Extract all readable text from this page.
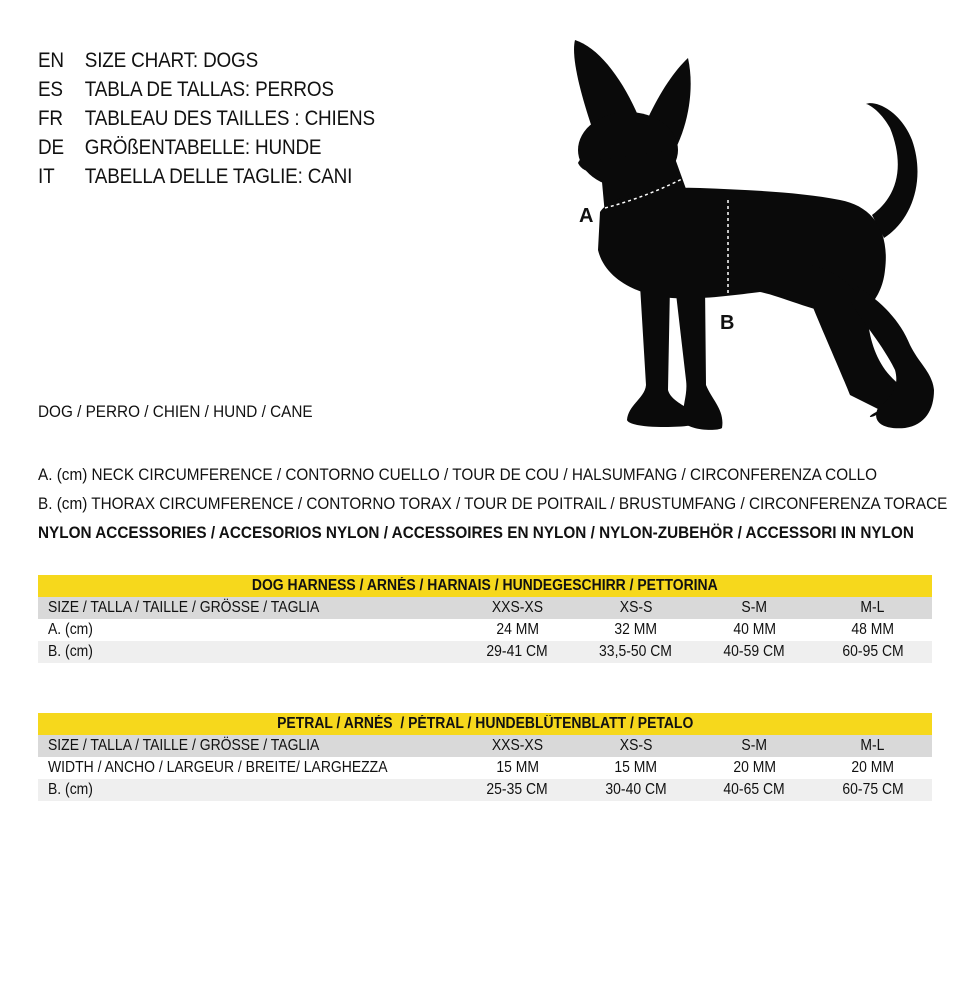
EN SIZE CHART: DOGS
ES	TABLA DE TALLAS: PERROS
FR	TABLEAU DES TAILLES : CHIENS
DE GRÖßENTABELLE: HUNDE
IT	TABELLA DELLE TAGLIE: CANI
A
B
DOG / PERRO / CHIEN / HUND / CANE
A. (cm) NECK CIRCUMFERENCE / CONTORNO CUELLO / TOUR DE COU / HALSUMFANG / CIRCONFERENZA COLLO
B. (cm) THORAX CIRCUMFERENCE / CONTORNO TORAX / TOUR DE POITRAIL / BRUSTUMFANG / CIRCONFERENZA TORACE
NYLON ACCESSORIES / ACCESORIOS NYLON / ACCESSOIRES EN NYLON / NYLON-ZUBEHÖR / ACCESSORI IN NYLON
DOG HARNESS / ARNÉS / HARNAIS / HUNDEGESCHIRR / PETTORINA
SIZE / TALLA / TAILLE / GRÖSSE / TAGLIA	XXS-XS	XS-S	S-M	M-L
A. (cm)	24 MM	32 MM	40 MM	48 MM
B. (cm)	29-41 CM	33,5-50 CM	40-59 CM	60-95 CM
PETRAL / ARNÉS  / PÉTRAL / HUNDEBLÜTENBLATT / PETALO
SIZE / TALLA / TAILLE / GRÖSSE / TAGLIA	XXS-XS	XS-S	S-M	M-L
WIDTH / ANCHO / LARGEUR / BREITE/ LARGHEZZA	15 MM	15 MM	20 MM	20 MM
B. (cm)	25-35 CM	30-40 CM	40-65 CM	60-75 CM
